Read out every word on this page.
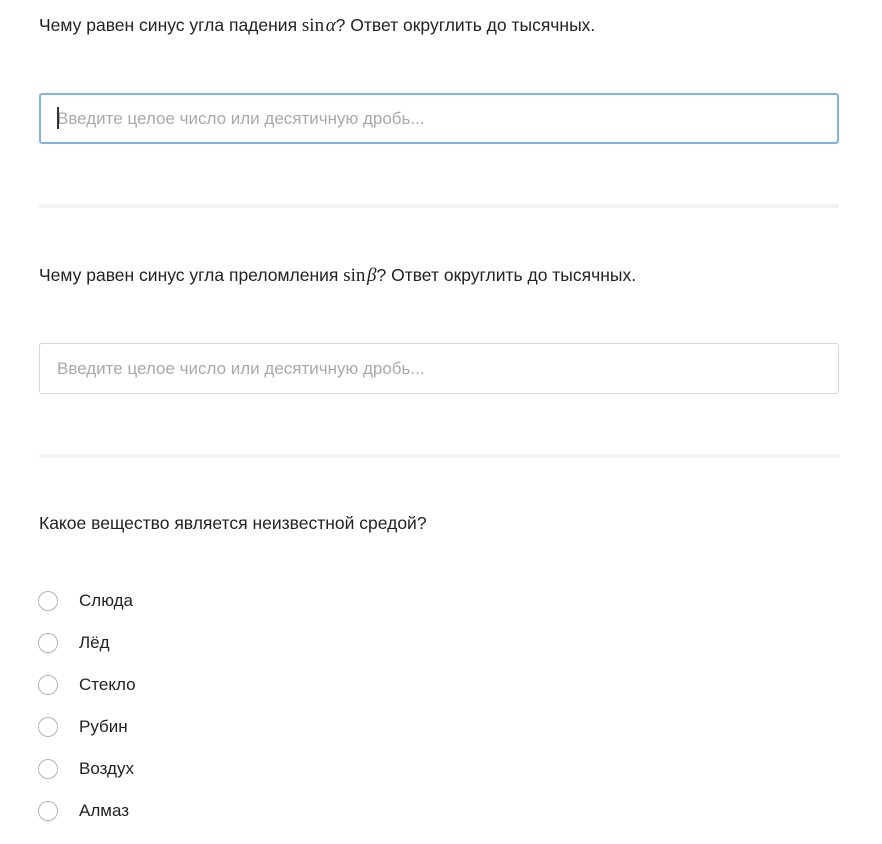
Чему равен синус угла падения sin α? Ответ округлить до тысячных.
Введите целое число или десятичную дробь...
Чему равен синус угла преломления sin β? Ответ округлить до тысячных.
Введите целое число или десятичную дробь...
Какое вещество является неизвестной средой?
Слюда
Лёд
Стекло
Рубин
Воздух
Алмаз
